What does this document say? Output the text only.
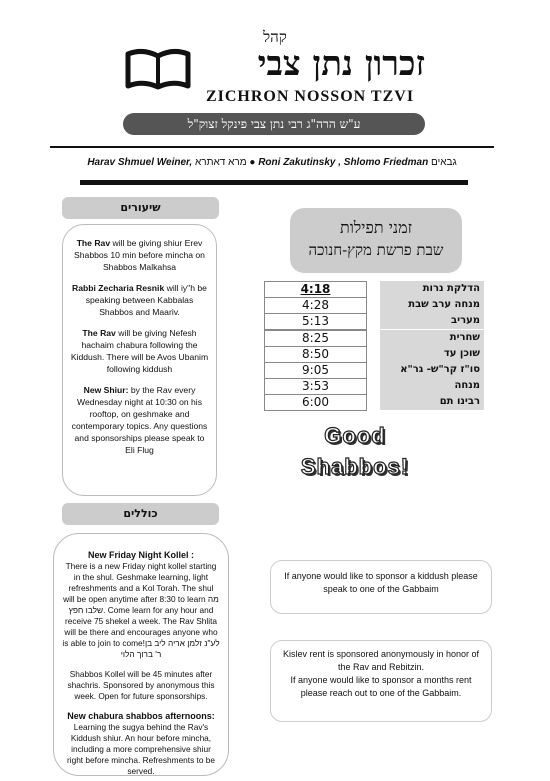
קהל
זכרון נתן צבי
ZICHRON NOSSON TZVI
ע"ש הרה"ג רבי נתן צבי פינקל זצוק"ל
Harav Shmuel Weiner, מרא דאתרא ● Roni Zakutinsky , Shlomo Friedman גבאים
שיעורים

The Rav will be giving shiur Erev Shabbos 10 min before mincha on Shabbos Malkahsa

Rabbi Zecharia Resnik will iy"h be speaking between Kabbalas Shabbos and Maariv.

The Rav will be giving Nefesh hachaim chabura following the Kiddush. There will be Avos Ubanim following kiddush

New Shiur: by the Rav every Wednesday night at 10:30 on his rooftop, on geshmake and contemporary topics. Any questions and sponsorships please speak to Eli Flug

כוללים
New Friday Night Kollel :

There is a new Friday night kollel starting in the shul. Geshmake learning, light refreshments and a Kol Torah. The shul will be open anytime after 8:30 to learn מה שלבו חפץ. Come learn for any hour and receive 75 shekel a week. The Rav Shlita will be there and encourages anyone who is able to join to come!לע"נ זלמן אריה ליב בן ר' ברוך הלוי

Shabbos Kollel will be 45 minutes after shachris. Sponsored by anonymous this week. Open for future sponsorships.

New chabura shabbos afternoons:

Learning the sugya behind the Rav's Kiddush shiur. An hour before mincha, including a more comprehensive shiur right before mincha. Refreshments to be served.

זמני תפילות
שבת פרשת מקץ-חנוכה
4:18	הדלקת נרות
4:28	מנחה ערב שבת
5:13	מעריב
8:25	שחרית
8:50	שוכן עד
9:05	סו"ז קר"ש- גר"א
3:53	מנחה
6:00	רבינו תם
Good
Shabbos!
If anyone would like to sponsor a kiddush please speak to one of the Gabbaim
Kislev rent is sponsored anonymously in honor of the Rav and Rebitzin.
If anyone would like to sponsor a months rent please reach out to one of the Gabbaim.
